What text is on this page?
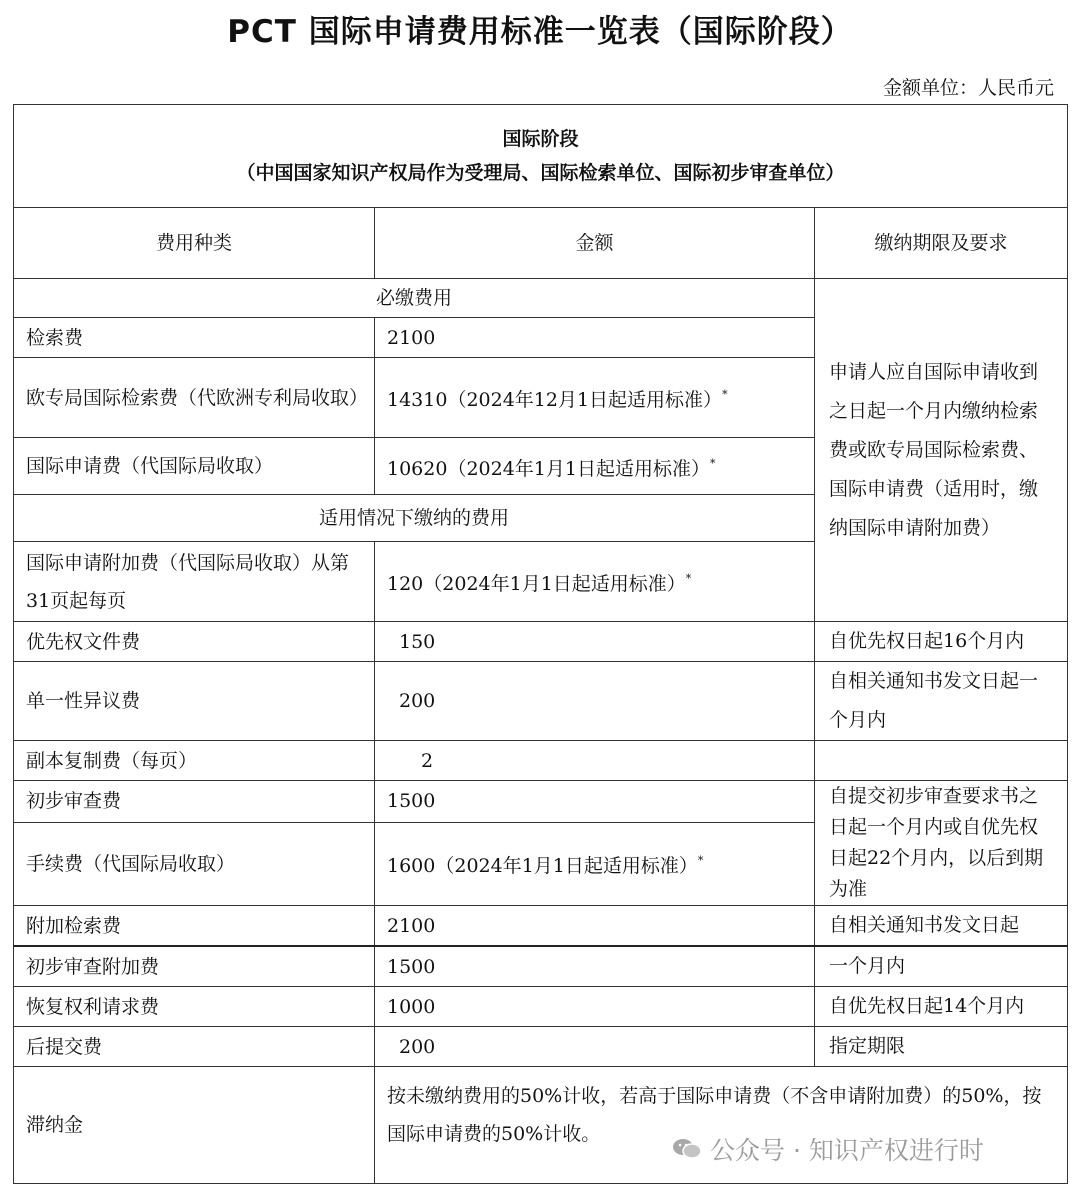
PCT 国际申请费用标准一览表（国际阶段）
金额单位：人民币元
国际阶段
（中国国家知识产权局作为受理局、国际检索单位、国际初步审查单位）		

费用种类	金额	缴纳期限及要求
必缴费用		申请人应自国际申请收到之日起一个月内缴纳检索费或欧专局国际检索费、国际申请费（适用时，缴纳国际申请附加费）
检索费	2100	
欧专局国际检索费（代欧洲专利局收取）	14310（2024年12月1日起适用标准）*
国际申请费（代国际局收取）	10620（2024年1月1日起适用标准）*
适用情况下缴纳的费用		
国际申请附加费（代国际局收取）从第31页起每页	120（2024年1月1日起适用标准）*
优先权文件费	150	自优先权日起16个月内
单一性异议费	200	自相关通知书发文日起一个月内
副本复制费（每页）	2	
初步审查费	1500	自提交初步审查要求书之日起一个月内或自优先权日起22个月内，以后到期为准
手续费（代国际局收取）	1600（2024年1月1日起适用标准）*
附加检索费	2100	自相关通知书发文日起
初步审查附加费	1500	一个月内
恢复权利请求费	1000	自优先权日起14个月内
后提交费	200	指定期限
滞纳金	按未缴纳费用的50%计收，若高于国际申请费（不含申请附加费）的50%，按国际申请费的50%计收。	
公众号 · 知识产权进行时
